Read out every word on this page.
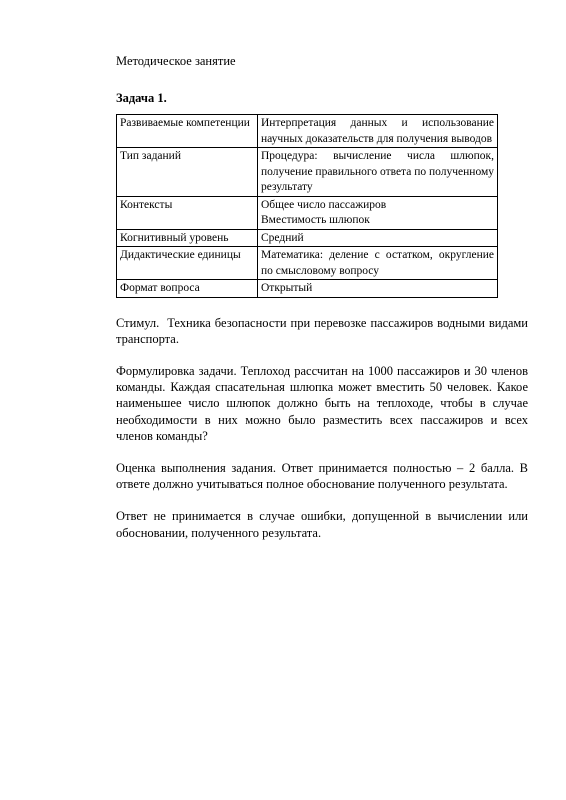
Методическое занятие

Задача 1.

Развиваемые компетенции	Интерпретация данных и использование научных доказательств для получения выводов
Тип заданий	Процедура: вычисление числа шлюпок, получение правильного ответа по полученному результату
Контексты	Общее число пассажиров
Вместимость шлюпок

Когнитивный уровень	Средний
Дидактические единицы	Математика: деление с остатком, округление по смысловому вопросу
Формат вопроса	Открытый

Стимул.  Техника безопасности при перевозке пассажиров водными видами транспорта.

Формулировка задачи. Теплоход рассчитан на 1000 пассажиров и 30 членов команды. Каждая спасательная шлюпка может вместить 50 человек. Какое наименьшее число шлюпок должно быть на теплоходе, чтобы в случае необходимости в них можно было разместить всех пассажиров и всех членов команды?

Оценка выполнения задания. Ответ принимается полностью – 2 балла. В ответе должно учитываться полное обоснование полученного результата.

Ответ не принимается в случае ошибки, допущенной в вычислении или обосновании, полученного результата.
